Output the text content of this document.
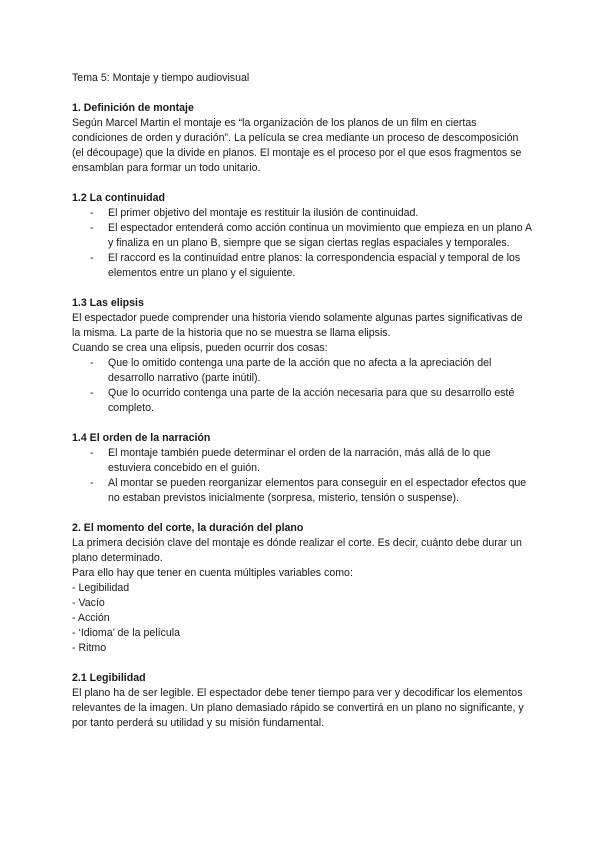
Tema 5: Montaje y tiempo audiovisual

1. Definición de montaje

Según Marcel Martin el montaje es “la organización de los planos de un film en ciertas condiciones de orden y duración”. La película se crea mediante un proceso de descomposición (el découpage) que la divide en planos. El montaje es el proceso por el que esos fragmentos se ensamblan para formar un todo unitario.

1.2 La continuidad
- El primer objetivo del montaje es restituir la ilusión de continuidad.
- El espectador entenderá como acción continua un movimiento que empieza en un plano A y finaliza en un plano B, siempre que se sigan ciertas reglas espaciales y temporales.
- El raccord es la continuidad entre planos: la correspondencia espacial y temporal de los elementos entre un plano y el siguiente.
1.3 Las elipsis

El espectador puede comprender una historia viendo solamente algunas partes significativas de la misma. La parte de la historia que no se muestra se llama elipsis.

Cuando se crea una elipsis, pueden ocurrir dos cosas:

- Que lo omitido contenga una parte de la acción que no afecta a la apreciación del desarrollo narrativo (parte inútil).
- Que lo ocurrido contenga una parte de la acción necesaria para que su desarrollo esté completo.
1.4 El orden de la narración
- El montaje también puede determinar el orden de la narración, más allá de lo que estuviera concebido en el guión.
- Al montar se pueden reorganizar elementos para conseguir en el espectador efectos que no estaban previstos inicialmente (sorpresa, misterio, tensión o suspense).
2. El momento del corte, la duración del plano

La primera decisión clave del montaje es dónde realizar el corte. Es decir, cuánto debe durar un plano determinado.

Para ello hay que tener en cuenta múltiples variables como:

- Legibilidad
- Vacío
- Acción
- ‘Idioma’ de la película
- Ritmo
2.1 Legibilidad

El plano ha de ser legible. El espectador debe tener tiempo para ver y decodificar los elementos relevantes de la imagen. Un plano demasiado rápido se convertirá en un plano no significante, y por tanto perderá su utilidad y su misión fundamental.
